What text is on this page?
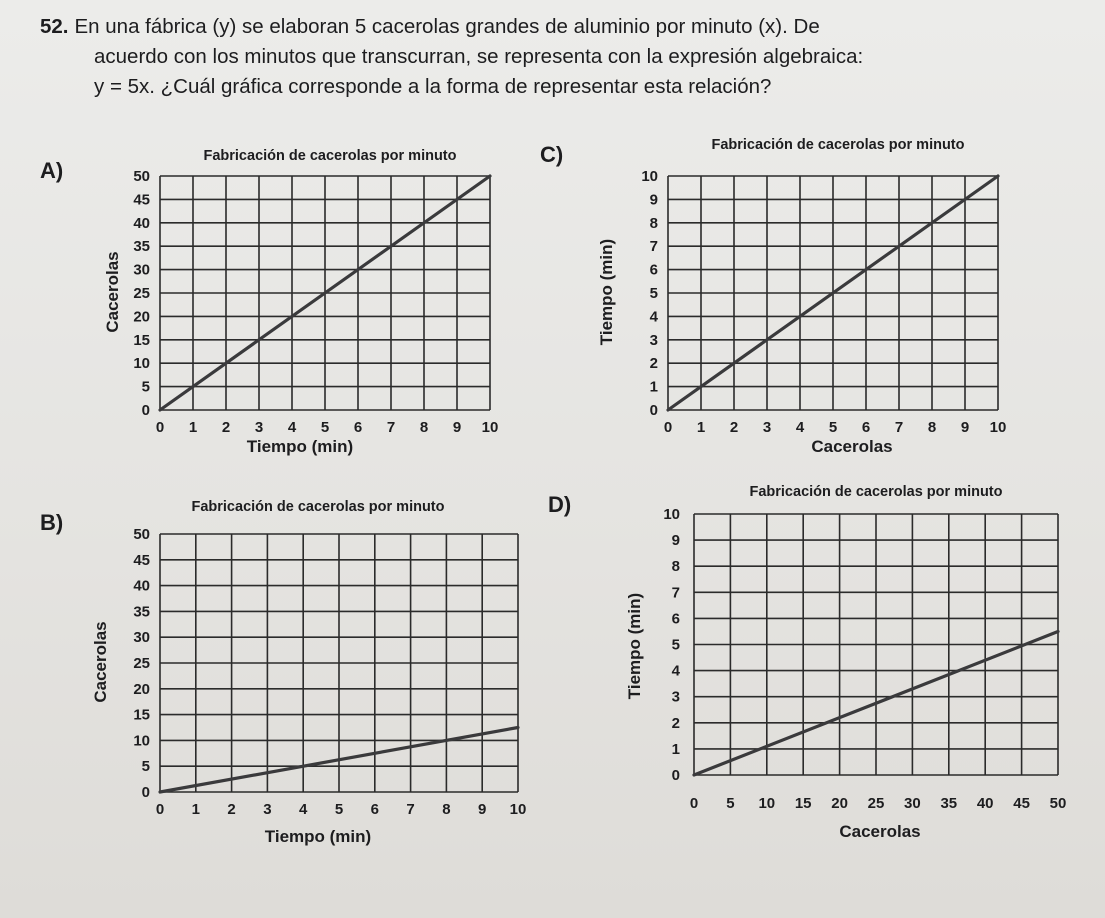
52. En una fábrica (y) se elaboran 5 cacerolas grandes de aluminio por minuto (x). De
acuerdo con los minutos que transcurran, se representa con la expresión algebraica:
y = 5x. ¿Cuál gráfica corresponde a la forma de representar esta relación?

A)
B)
C)
D)
0 1 2 3 4 5 6 7 8 9 10
0
5
10
15
20
25
30
35
40
45
50
Fabricación de cacerolas por minuto
Tiempo (min)
Cacerolas
0 1 2 3 4 5 6 7 8 9 10
0
5
10
15
20
25
30
35
40
45
50
Fabricación de cacerolas por minuto
Tiempo (min)
Cacerolas
0 1 2 3 4 5 6 7 8 9 10
0
1
2
3
4
5
6
7
8
9
10
Fabricación de cacerolas por minuto
Cacerolas
Tiempo (min)
0 5 10 15 20 25 30 35 40 45 50
0
1
2
3
4
5
6
7
8
9
10
Fabricación de cacerolas por minuto
Cacerolas
Tiempo (min)
